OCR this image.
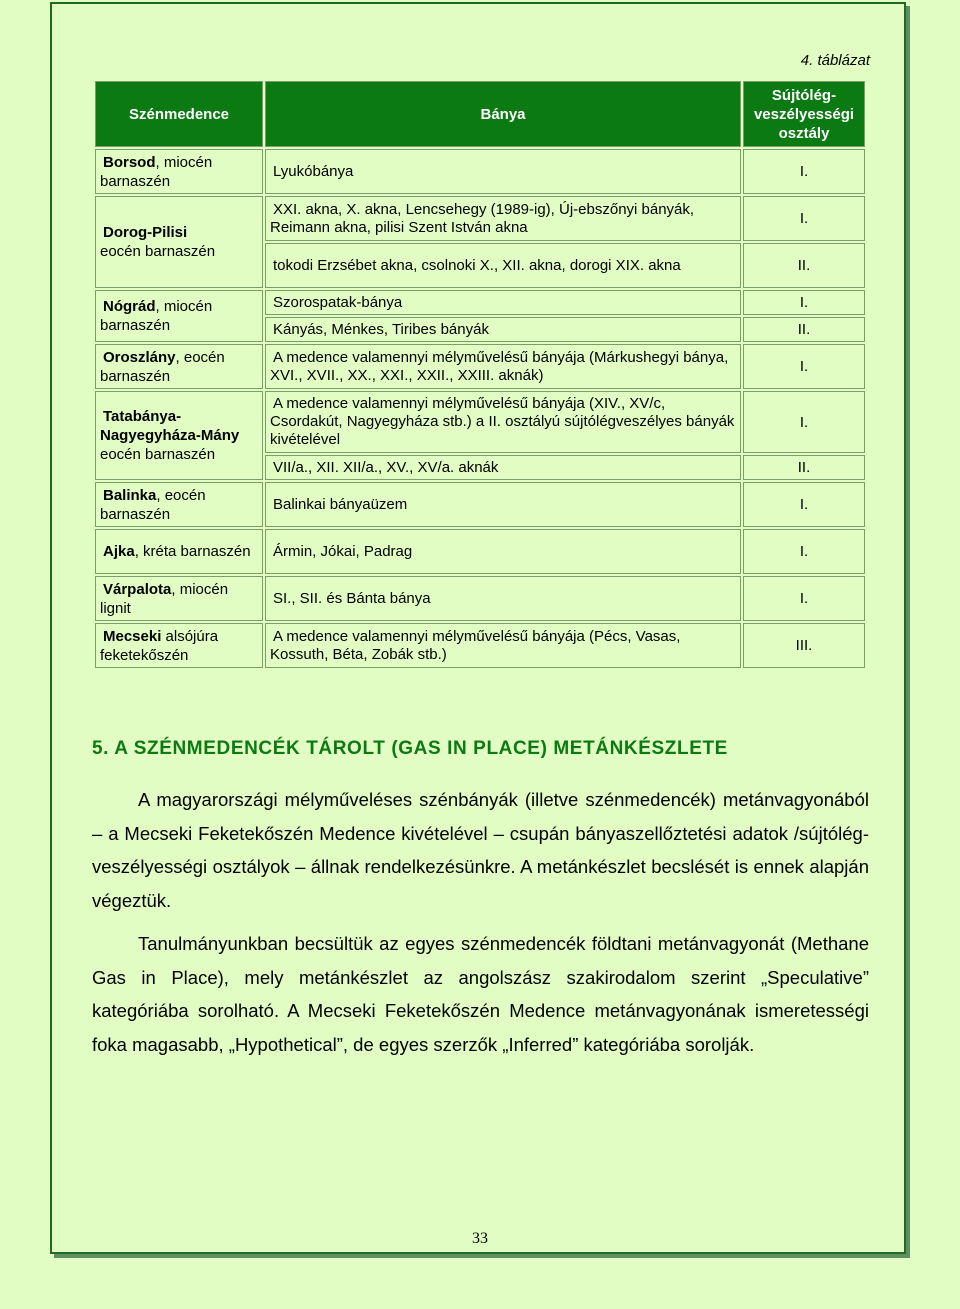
4. táblázat
Szénmedence	Bánya	Sújtólég-
veszélyességi
osztály
Borsod, miocén barnaszén	Lyukóbánya	I.
Dorog-Pilisi
eocén barnaszén	XXI. akna, X. akna, Lencsehegy (1989-ig), Új-ebszőnyi bányák, Reimann akna, pilisi Szent István akna	I.
	tokodi Erzsébet akna, csolnoki X., XII. akna, dorogi XIX. akna	II.
Nógrád, miocén barnaszén	Szorospatak-bánya	I.
	Kányás, Ménkes, Tiribes bányák	II.
Oroszlány, eocén barnaszén	A medence valamennyi mélyművelésű bányája (Márkushegyi bánya, XVI., XVII., XX., XXI., XXII., XXIII. aknák)	I.
Tatabánya-Nagyegyháza-Mány
eocén barnaszén	A medence valamennyi mélyművelésű bányája (XIV., XV/c, Csordakút, Nagyegyháza stb.) a II. osztályú sújtólégveszélyes bányák kivételével	I.
	VII/a., XII. XII/a., XV., XV/a. aknák	II.
Balinka, eocén barnaszén	Balinkai bányaüzem	I.
Ajka, kréta barnaszén	Ármin, Jókai, Padrag	I.
Várpalota, miocén lignit	SI., SII. és Bánta bánya	I.
Mecseki alsójúra feketekőszén	A medence valamennyi mélyművelésű bányája (Pécs, Vasas, Kossuth, Béta, Zobák stb.)	III.
5. A SZÉNMEDENCÉK TÁROLT (GAS IN PLACE) METÁNKÉSZLETE

A magyarországi mélyműveléses szénbányák (illetve szénmedencék) metánvagyonából – a Mecseki Feketekőszén Medence kivételével – csupán bányaszellőztetési adatok /sújtólég-veszélyességi osztályok – állnak rendelkezésünkre. A metánkészlet becslését is ennek alapján végeztük.

Tanulmányunkban becsültük az egyes szénmedencék földtani metánvagyonát (Methane Gas in Place), mely metánkészlet az angolszász szakirodalom szerint „Speculative” kategóriába sorolható. A Mecseki Feketekőszén Medence metánvagyonának ismeretességi foka magasabb, „Hypothetical”, de egyes szerzők „Inferred” kategóriába sorolják.

33
